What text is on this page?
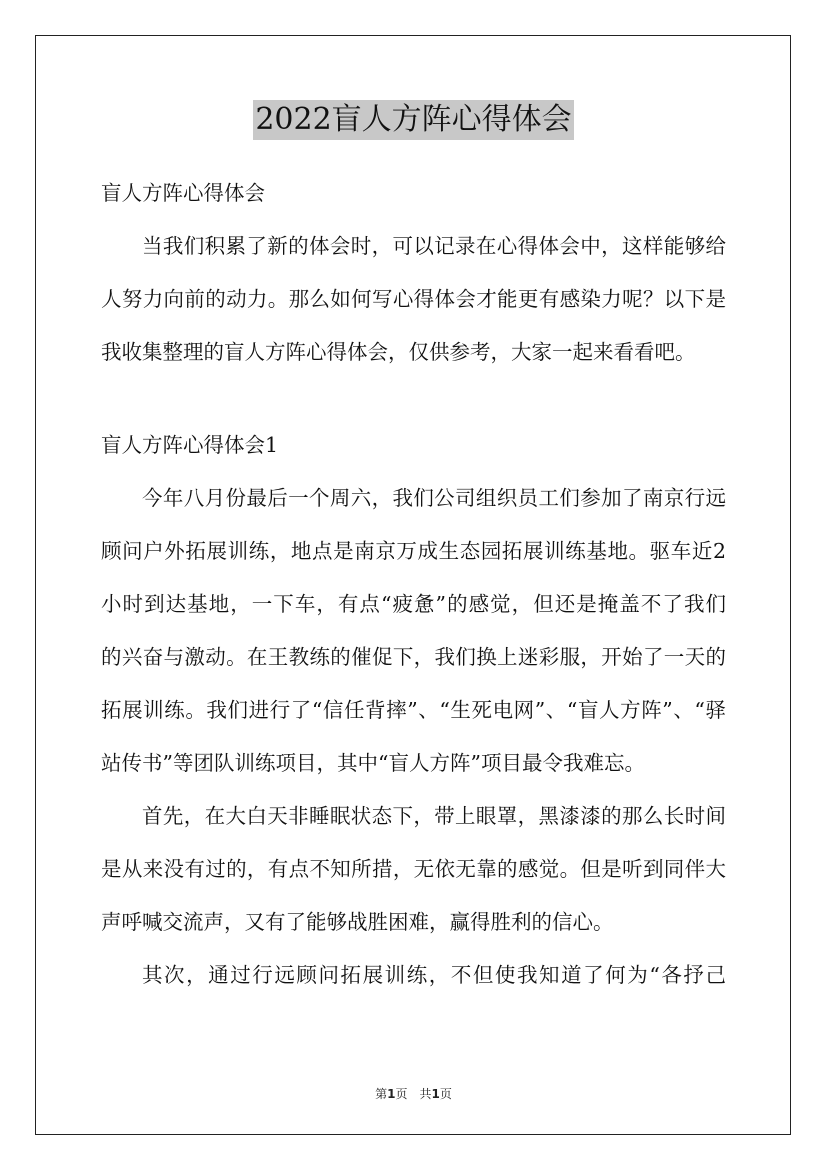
2022盲人方阵心得体会
盲人方阵心得体会
当我们积累了新的体会时，可以记录在心得体会中，这样能够给
人努力向前的动力。那么如何写心得体会才能更有感染力呢？以下是
我收集整理的盲人方阵心得体会，仅供参考，大家一起来看看吧。
盲人方阵心得体会1
今年八月份最后一个周六，我们公司组织员工们参加了南京行远
顾问户外拓展训练，地点是南京万成生态园拓展训练基地。驱车近2
小时到达基地，一下车，有点“疲惫”的感觉，但还是掩盖不了我们
的兴奋与激动。在王教练的催促下，我们换上迷彩服，开始了一天的
拓展训练。我们进行了“信任背摔”、“生死电网”、“盲人方阵”、“驿
站传书”等团队训练项目，其中“盲人方阵”项目最令我难忘。
首先，在大白天非睡眠状态下，带上眼罩，黑漆漆的那么长时间
是从来没有过的，有点不知所措，无依无靠的感觉。但是听到同伴大
声呼喊交流声，又有了能够战胜困难，赢得胜利的信心。
其次，通过行远顾问拓展训练，不但使我知道了何为“各抒己
第1页　共1页
